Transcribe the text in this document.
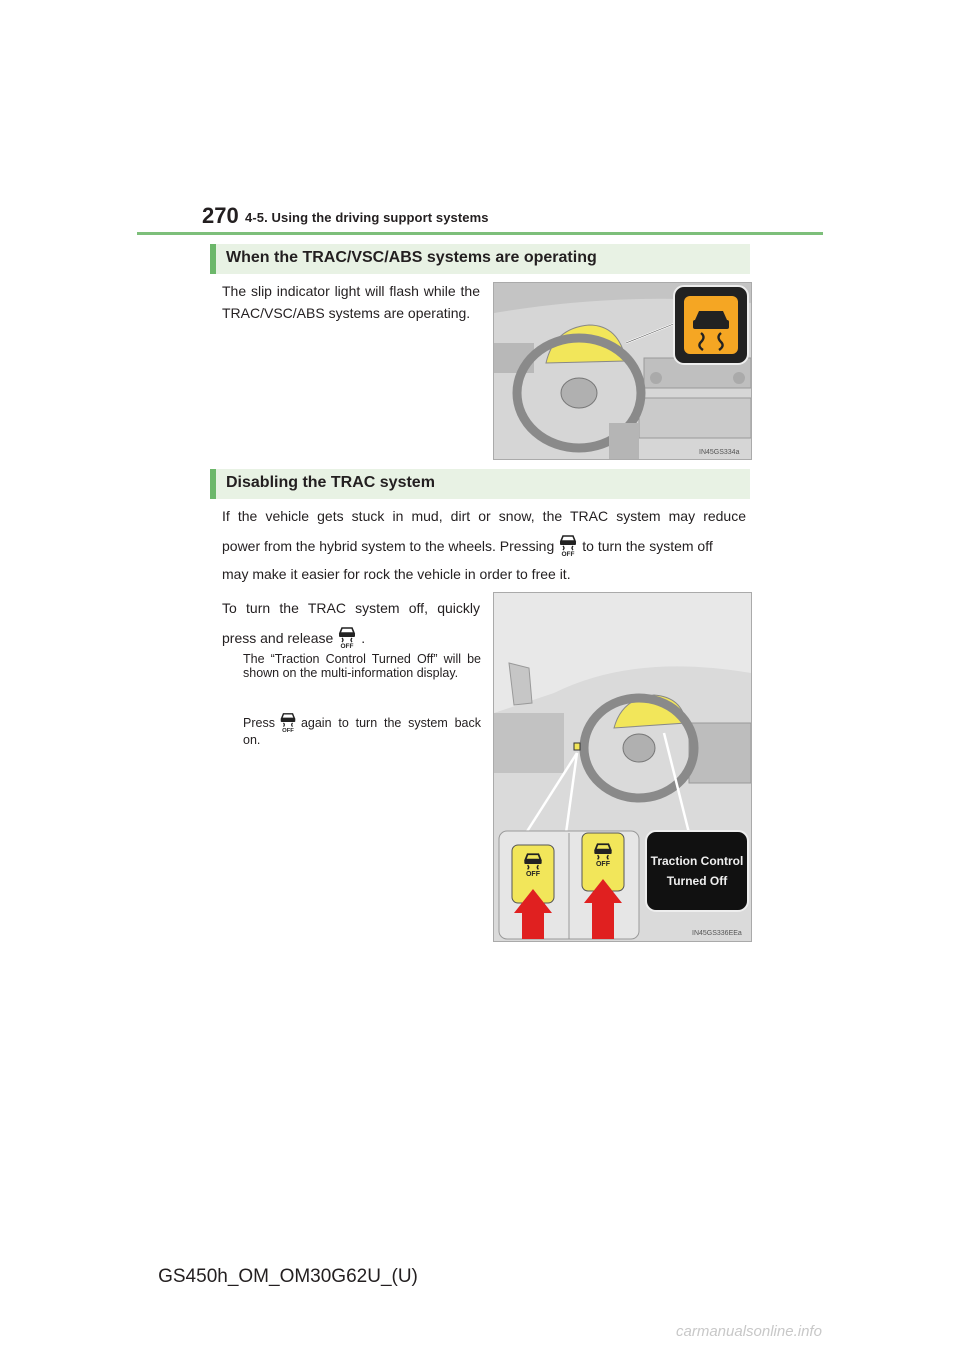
270 4-5. Using the driving support systems
When the TRAC/VSC/ABS systems are operating
The slip indicator light will flash while the TRAC/VSC/ABS systems are operating.
IN45GS334a
Disabling the TRAC system
If the vehicle gets stuck in mud, dirt or snow, the TRAC system may reduce
power from the hybrid system to the wheels. Pressing to turn the system off
may make it easier for rock the vehicle in order to free it.
To turn the TRAC system off, quickly
press and release .
The “Traction Control Turned Off” will be shown on the multi-information display.
Press again to turn the system back on.
Traction Control
Turned Off
IN45GS336EEa
GS450h_OM_OM30G62U_(U)
carmanualsonline.info
